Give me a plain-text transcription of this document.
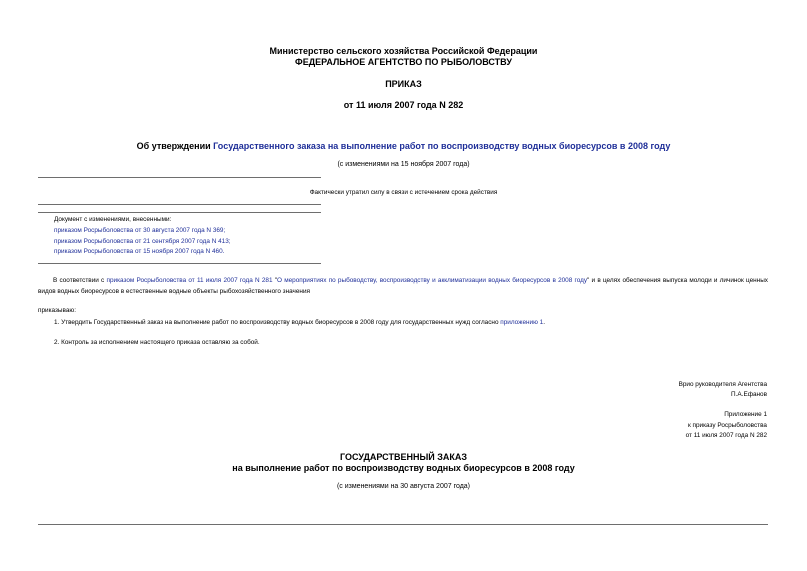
Министерство сельского хозяйства Российской Федерации
ФЕДЕРАЛЬНОЕ АГЕНТСТВО ПО РЫБОЛОВСТВУ
ПРИКАЗ
от 11 июля 2007 года N 282
Об утверждении Государственного заказа на выполнение работ по воспроизводству водных биоресурсов в 2008 году
(с изменениями на 15 ноября 2007 года)
Фактически утратил силу в связи с истечением срока действия
Документ с изменениями, внесенными:
приказом Росрыболовства от 30 августа 2007 года N 369;
приказом Росрыболовства от 21 сентября 2007 года N 413;
приказом Росрыболовства от 15 ноября 2007 года N 460.
В соответствии с приказом Росрыболовства от 11 июля 2007 года N 281 "О мероприятиях по рыбоводству, воспроизводству и акклиматизации водных биоресурсов в 2008 году" и в целях обеспечения выпуска молоди и личинок ценных видов водных биоресурсов в естественные водные объекты рыбохозяйственного значения
приказываю:
1. Утвердить Государственный заказ на выполнение работ по воспроизводству водных биоресурсов в 2008 году для государственных нужд согласно приложению 1.
2. Контроль за исполнением настоящего приказа оставляю за собой.
Врио руководителя Агентства
П.А.Ефанов
Приложение 1
к приказу Росрыболовства
от 11 июля 2007 года N 282
ГОСУДАРСТВЕННЫЙ ЗАКАЗ
на выполнение работ по воспроизводству водных биоресурсов в 2008 году
(с изменениями на 30 августа 2007 года)
